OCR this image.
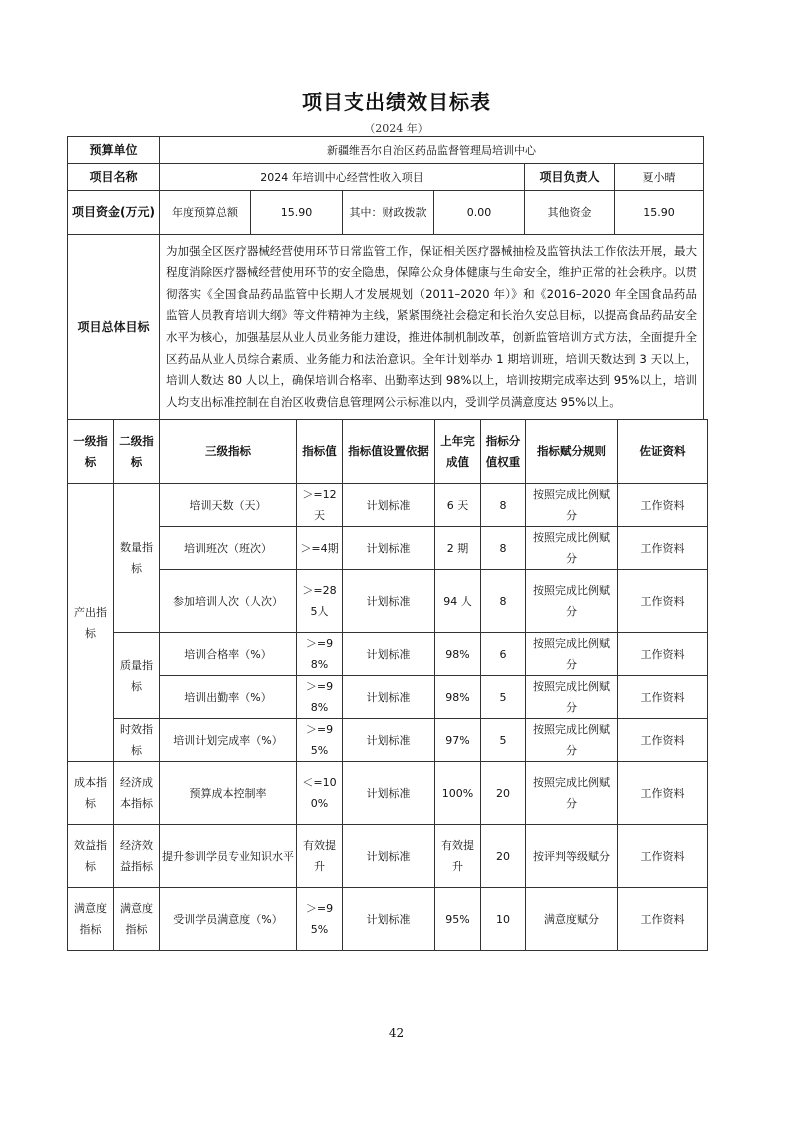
项目支出绩效目标表
（2024 年）
预算单位	新疆维吾尔自治区药品监督管理局培训中心					
项目名称	2024 年培训中心经营性收入项目				项目负责人	夏小晴
项目资金(万元)	年度预算总额	15.90	其中：财政拨款	0.00	其他资金	15.90
项目总体目标	为加强全区医疗器械经营使用环节日常监管工作，保证相关医疗器械抽检及监管执法工作依法开展，最大程度消除医疗器械经营使用环节的安全隐患，保障公众身体健康与生命安全，维护正常的社会秩序。以贯彻落实《全国食品药品监管中长期人才发展规划（2011–2020 年）》和《2016–2020 年全国食品药品监管人员教育培训大纲》等文件精神为主线，紧紧围绕社会稳定和长治久安总目标，以提高食品药品安全水平为核心，加强基层从业人员业务能力建设，推进体制机制改革，创新监管培训方式方法，全面提升全区药品从业人员综合素质、业务能力和法治意识。全年计划举办 1 期培训班，培训天数达到 3 天以上，培训人数达 80 人以上，确保培训合格率、出勤率达到 98%以上，培训按期完成率达到 95%以上，培训人均支出标准控制在自治区收费信息管理网公示标准以内，受训学员满意度达 95%以上。					
一级指标	二级指标	三级指标	指标值	指标值设置依据	上年完成值	指标分值权重	指标赋分规则	佐证资料
产出指标	数量指标	培训天数（天）	＞=12天	计划标准	6 天	8	按照完成比例赋分	工作资料
		培训班次（班次）	＞=4期	计划标准	2 期	8	按照完成比例赋分	工作资料
		参加培训人次（人次）	＞=285人	计划标准	94 人	8	按照完成比例赋分	工作资料
	质量指标	培训合格率（%）	＞=98%	计划标准	98%	6	按照完成比例赋分	工作资料
		培训出勤率（%）	＞=98%	计划标准	98%	5	按照完成比例赋分	工作资料
	时效指标	培训计划完成率（%）	＞=95%	计划标准	97%	5	按照完成比例赋分	工作资料
成本指标	经济成本指标	预算成本控制率	＜=100%	计划标准	100%	20	按照完成比例赋分	工作资料
效益指标	经济效益指标	提升参训学员专业知识水平	有效提升	计划标准	有效提升	20	按评判等级赋分	工作资料
满意度指标	满意度指标	受训学员满意度（%）	＞=95%	计划标准	95%	10	满意度赋分	工作资料
42
